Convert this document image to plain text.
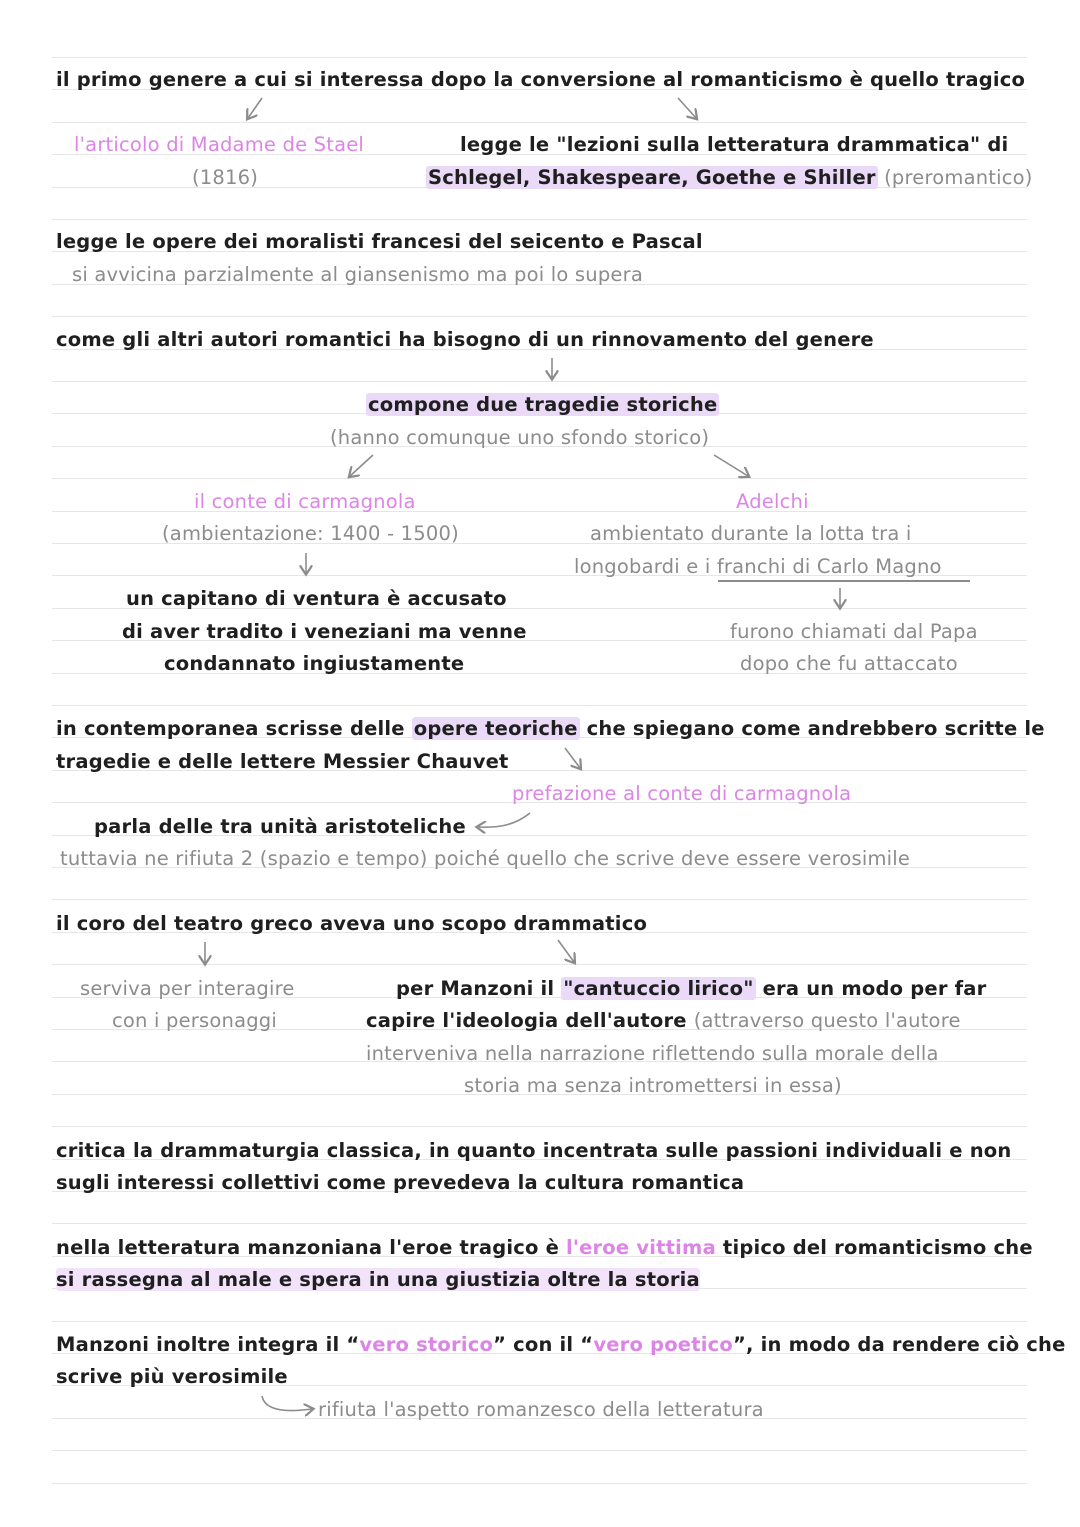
il primo genere a cui si interessa dopo la conversione al romanticismo è quello tragico
l'articolo di Madame de Stael
(1816)
legge le "lezioni sulla letteratura drammatica" di
Schlegel, Shakespeare, Goethe e Shiller (preromantico)
legge le opere dei moralisti francesi del seicento e Pascal
si avvicina parzialmente al giansenismo ma poi lo supera
come gli altri autori romantici ha bisogno di un rinnovamento del genere
compone due tragedie storiche
(hanno comunque uno sfondo storico)
il conte di carmagnola
(ambientazione: 1400 - 1500)
Adelchi
ambientato durante la lotta tra i
longobardi e i franchi di Carlo Magno
un capitano di ventura è accusato
di aver tradito i veneziani ma venne
condannato ingiustamente
furono chiamati dal Papa
dopo che fu attaccato
in contemporanea scrisse delle opere teoriche che spiegano come andrebbero scritte le
tragedie e delle lettere Messier Chauvet
prefazione al conte di carmagnola
parla delle tra unità aristoteliche
tuttavia ne rifiuta 2 (spazio e tempo) poiché quello che scrive deve essere verosimile
il coro del teatro greco aveva uno scopo drammatico
serviva per interagire
con i personaggi
per Manzoni il "cantuccio lirico" era un modo per far
capire l'ideologia dell'autore (attraverso questo l'autore
interveniva nella narrazione riflettendo sulla morale della
storia ma senza intromettersi in essa)
critica la drammaturgia classica, in quanto incentrata sulle passioni individuali e non
sugli interessi collettivi come prevedeva la cultura romantica
nella letteratura manzoniana l'eroe tragico è l'eroe vittima tipico del romanticismo che
si rassegna al male e spera in una giustizia oltre la storia
Manzoni inoltre integra il “vero storico” con il “vero poetico”, in modo da rendere ciò che
scrive più verosimile
rifiuta l'aspetto romanzesco della letteratura
